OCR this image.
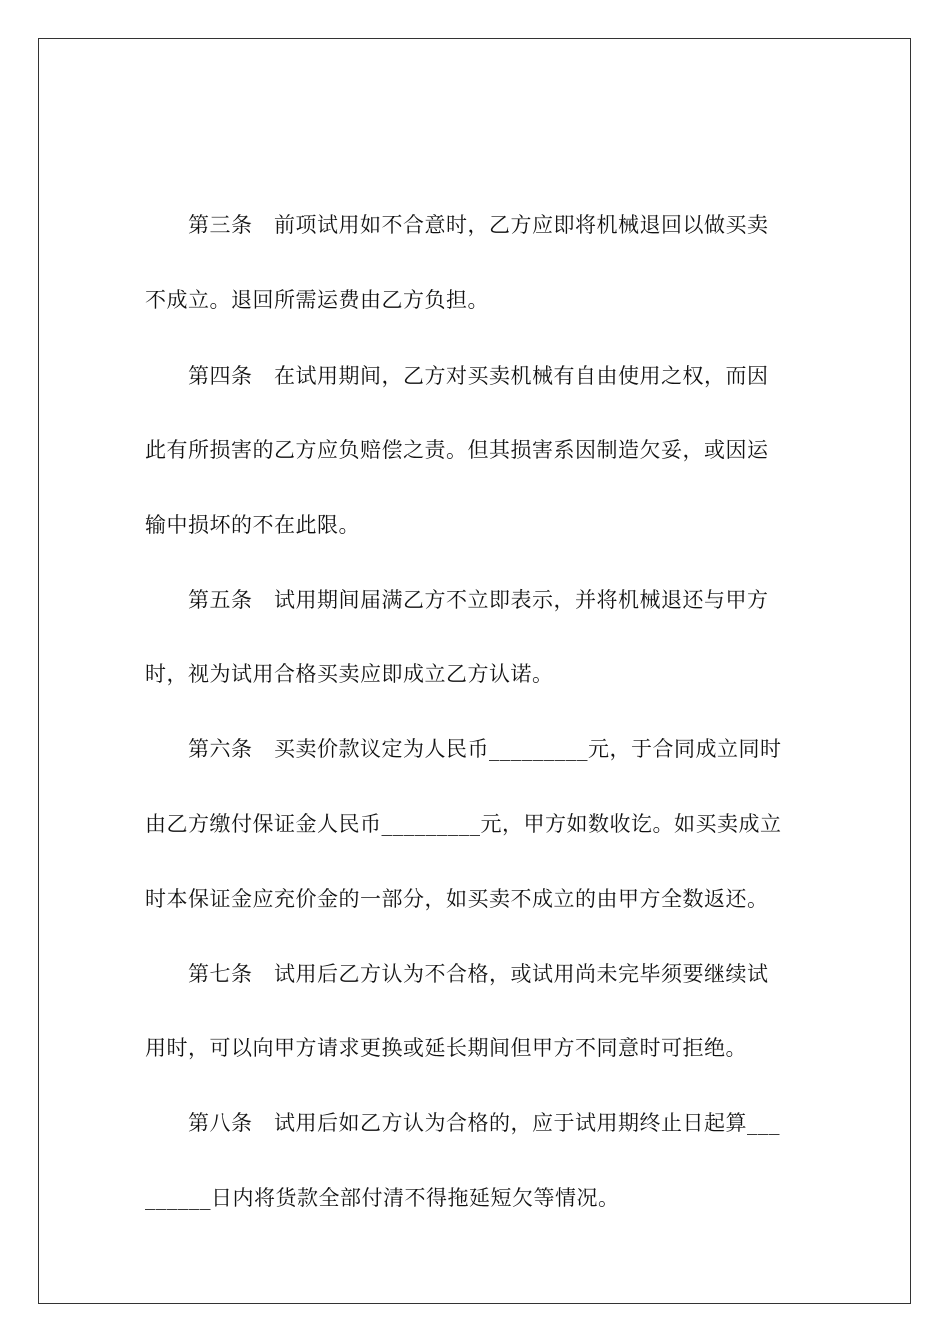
第三条　前项试用如不合意时，乙方应即将机械退回以做买卖
不成立。退回所需运费由乙方负担。
第四条　在试用期间，乙方对买卖机械有自由使用之权，而因
此有所损害的乙方应负赔偿之责。但其损害系因制造欠妥，或因运
输中损坏的不在此限。
第五条　试用期间届满乙方不立即表示，并将机械退还与甲方
时，视为试用合格买卖应即成立乙方认诺。
第六条　买卖价款议定为人民币_________元，于合同成立同时
由乙方缴付保证金人民币_________元，甲方如数收讫。如买卖成立
时本保证金应充价金的一部分，如买卖不成立的由甲方全数返还。
第七条　试用后乙方认为不合格，或试用尚未完毕须要继续试
用时，可以向甲方请求更换或延长期间但甲方不同意时可拒绝。
第八条　试用后如乙方认为合格的，应于试用期终止日起算___
______日内将货款全部付清不得拖延短欠等情况。
